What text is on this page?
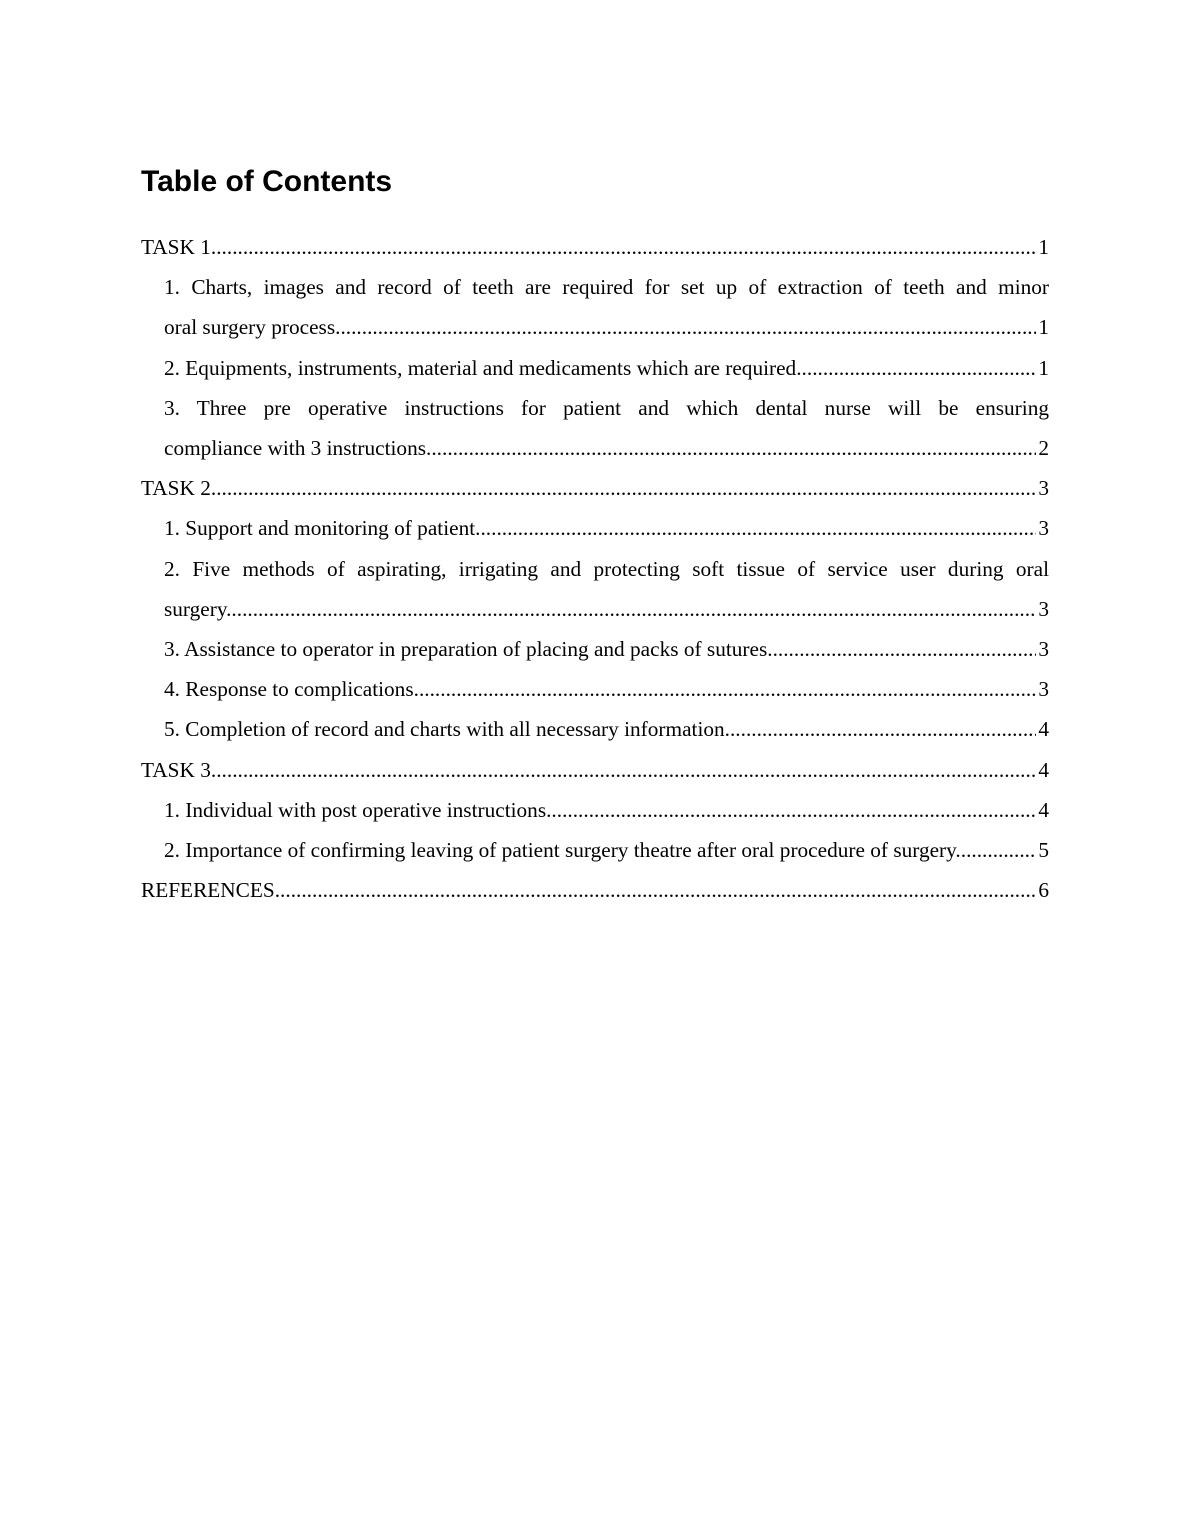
Table of Contents
TASK 1 .....	1
1. Charts, images and record of teeth are required for set up of extraction of teeth and minor
oral surgery process .....	1
2. Equipments, instruments, material and medicaments which are required .....	1
3. Three pre operative instructions for patient and which dental nurse will be ensuring
compliance with 3 instructions .....	2
TASK 2 .....	3
1. Support and monitoring of patient .....	3
2. Five methods of aspirating, irrigating and protecting soft tissue of service user during oral
surgery .....	3
3. Assistance to operator in preparation of placing and packs of sutures .....	3
4. Response to complications .....	3
5. Completion of record and charts with all necessary information .....	4
TASK 3 .....	4
1. Individual with post operative instructions .....	4
2. Importance of confirming leaving of patient surgery theatre after oral procedure of surgery .....	5
REFERENCES .....	6
